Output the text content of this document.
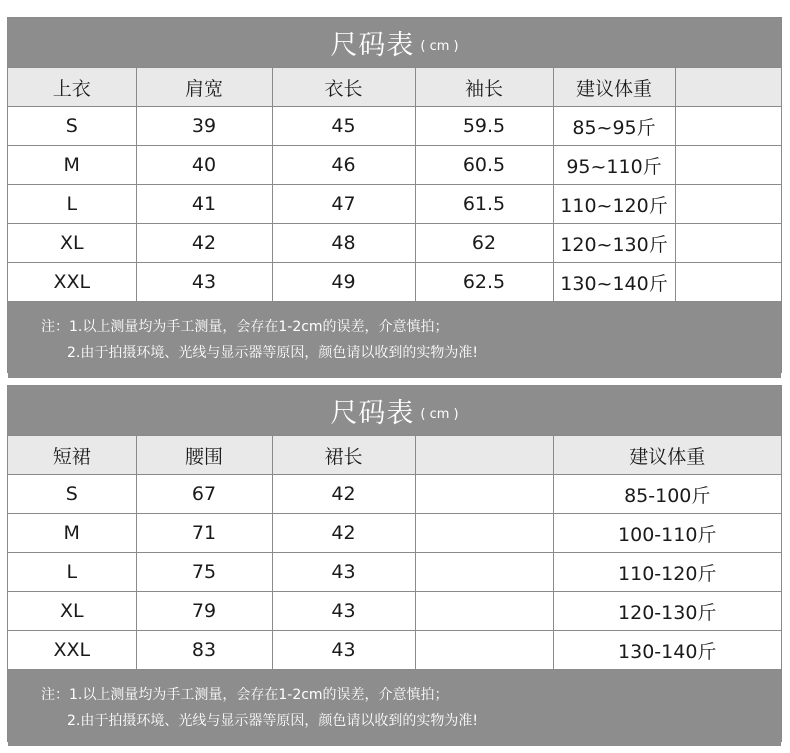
尺码表 ( cm )
上衣	肩宽	衣长	袖长	建议体重	
S	39	45	59.5	85~95斤	
M	40	46	60.5	95~110斤	
L	41	47	61.5	110~120斤	
XL	42	48	62	120~130斤	
XXL	43	49	62.5	130~140斤	
注：1.以上测量均为手工测量，会存在1-2cm的误差，介意慎拍；
2.由于拍摄环境、光线与显示器等原因，颜色请以收到的实物为准!
尺码表 ( cm )
短裙	腰围	裙长		建议体重
S	67	42		85-100斤
M	71	42		100-110斤
L	75	43		110-120斤
XL	79	43		120-130斤
XXL	83	43		130-140斤
注：1.以上测量均为手工测量，会存在1-2cm的误差，介意慎拍；
2.由于拍摄环境、光线与显示器等原因，颜色请以收到的实物为准!
